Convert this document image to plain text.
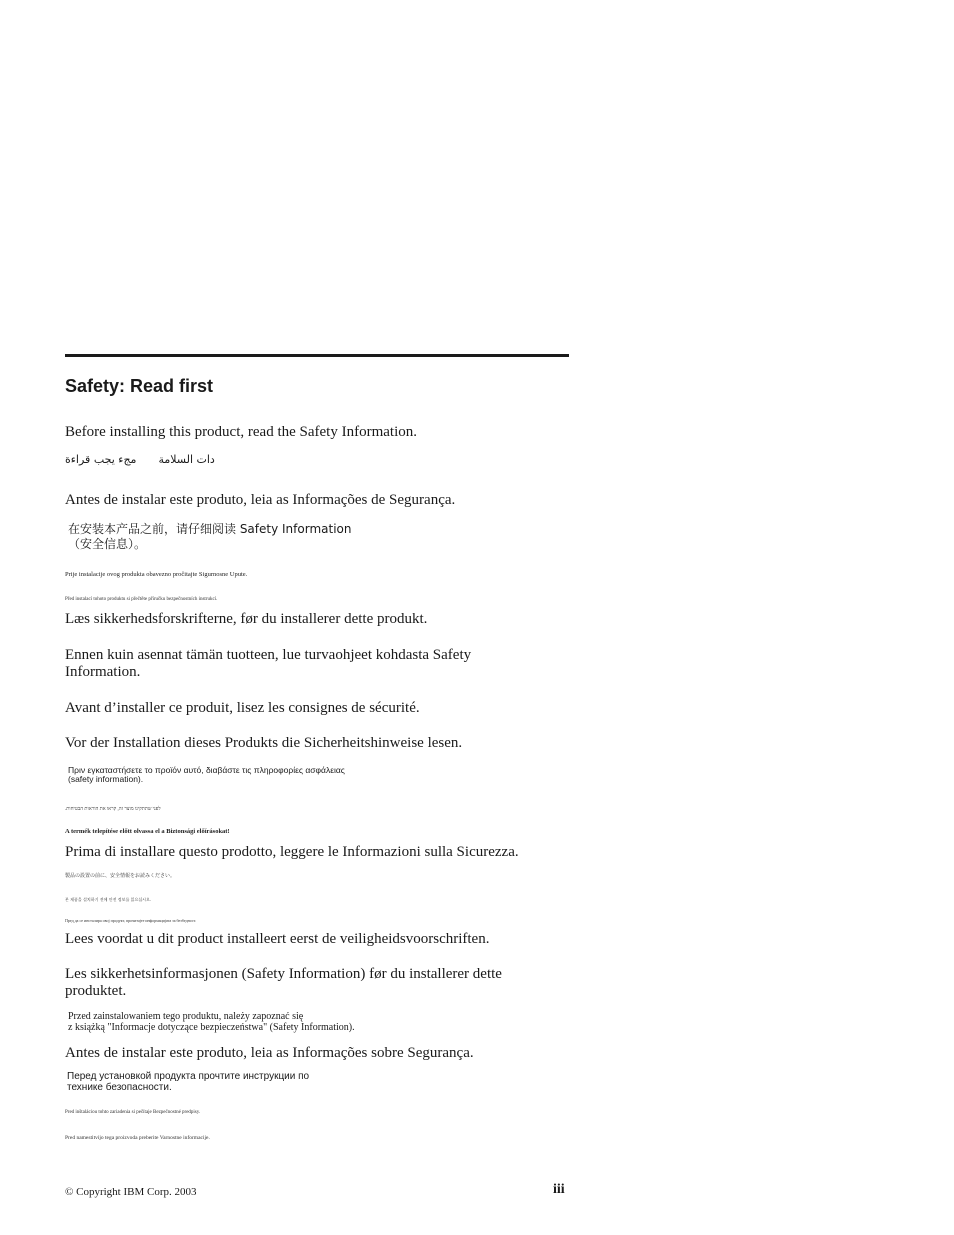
Safety: Read first
Before installing this product, read the Safety Information.
دات السلامة  مجء يجب قراءة
Antes de instalar este produto, leia as Informações de Segurança.
在安装本产品之前，请仔细阅读 Safety Information
（安全信息）。
Prije instalacije ovog produkta obavezno pročitajte Sigurnosne Upute.
Před instalací tohoto produktu si přečtěte příručku bezpečnostních instrukcí.
Læs sikkerhedsforskrifterne, før du installerer dette produkt.
Ennen kuin asennat tämän tuotteen, lue turvaohjeet kohdasta Safety Information.
Avant d’installer ce produit, lisez les consignes de sécurité.
Vor der Installation dieses Produkts die Sicherheitshinweise lesen.
Πριν εγκαταστήσετε το προϊόν αυτό, διαβάστε τις πληροφορίες ασφάλειας
(safety information).
לפני שתתקינו מוצר זה, קראו את הוראות הבטיחות.
A termék telepítése előtt olvassa el a Biztonsági előírásokat!
Prima di installare questo prodotto, leggere le Informazioni sulla Sicurezza.
製品の設置の前に、安全情報をお読みください。
본 제품을 설치하기 전에 안전 정보를 읽으십시오.
Пред да се инсталира овој продукт, прочитајте информацијата за безбедност.
Lees voordat u dit product installeert eerst de veiligheidsvoorschriften.
Les sikkerhetsinformasjonen (Safety Information) før du installerer dette produktet.
Przed zainstalowaniem tego produktu, należy zapoznać się
z książką "Informacje dotyczące bezpieczeństwa" (Safety Information).
Antes de instalar este produto, leia as Informações sobre Segurança.
Перед установкой продукта прочтите инструкции по
технике безопасности.
Pred inštaláciou tohto zariadenia si pečítaje Bezpečnostné predpisy.
Pred namestitvijo tega proizvoda preberite Varnostne informacije.
© Copyright IBM Corp. 2003	iii
